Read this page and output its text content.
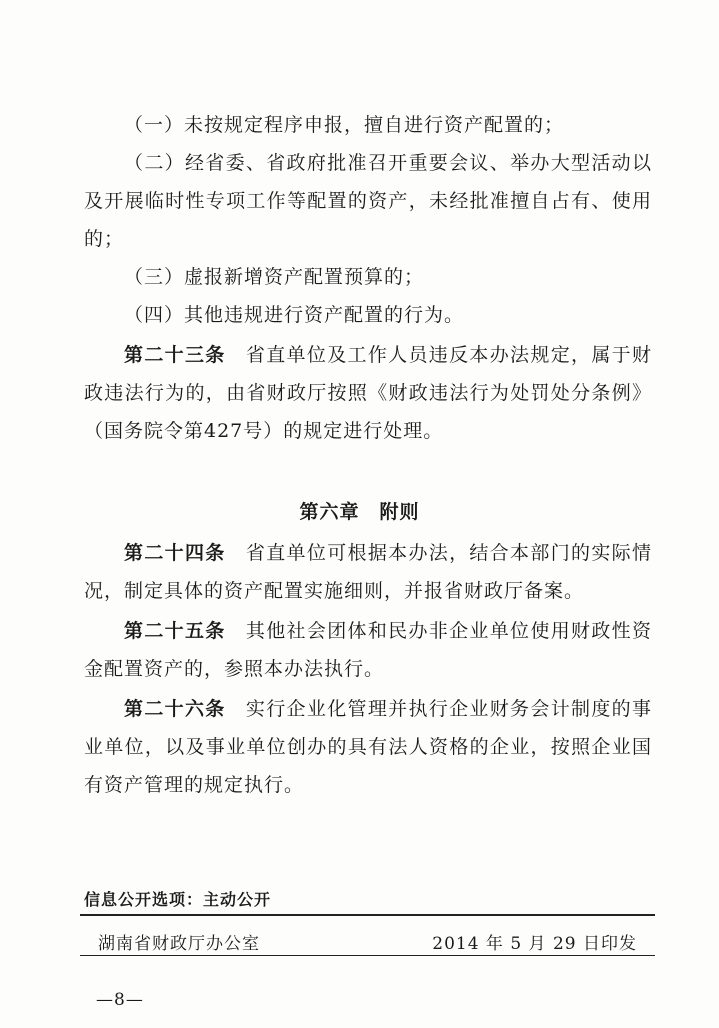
（一）未按规定程序申报，擅自进行资产配置的；

（二）经省委、省政府批准召开重要会议、举办大型活动以及开展临时性专项工作等配置的资产，未经批准擅自占有、使用的；

（三）虚报新增资产配置预算的；

（四）其他违规进行资产配置的行为。

第二十三条　 省直单位及工作人员违反本办法规定，属于财政违法行为的，由省财政厅按照《财政违法行为处罚处分条例》（国务院令第427号）的规定进行处理。

第六章 附则

第二十四条　 省直单位可根据本办法，结合本部门的实际情况，制定具体的资产配置实施细则，并报省财政厅备案。

第二十五条　 其他社会团体和民办非企业单位使用财政性资金配置资产的，参照本办法执行。

第二十六条　 实行企业化管理并执行企业财务会计制度的事业单位，以及事业单位创办的具有法人资格的企业，按照企业国有资产管理的规定执行。

信息公开选项：主动公开
湖南省财政厅办公室	2014 年 5 月 29 日印发
—8—
